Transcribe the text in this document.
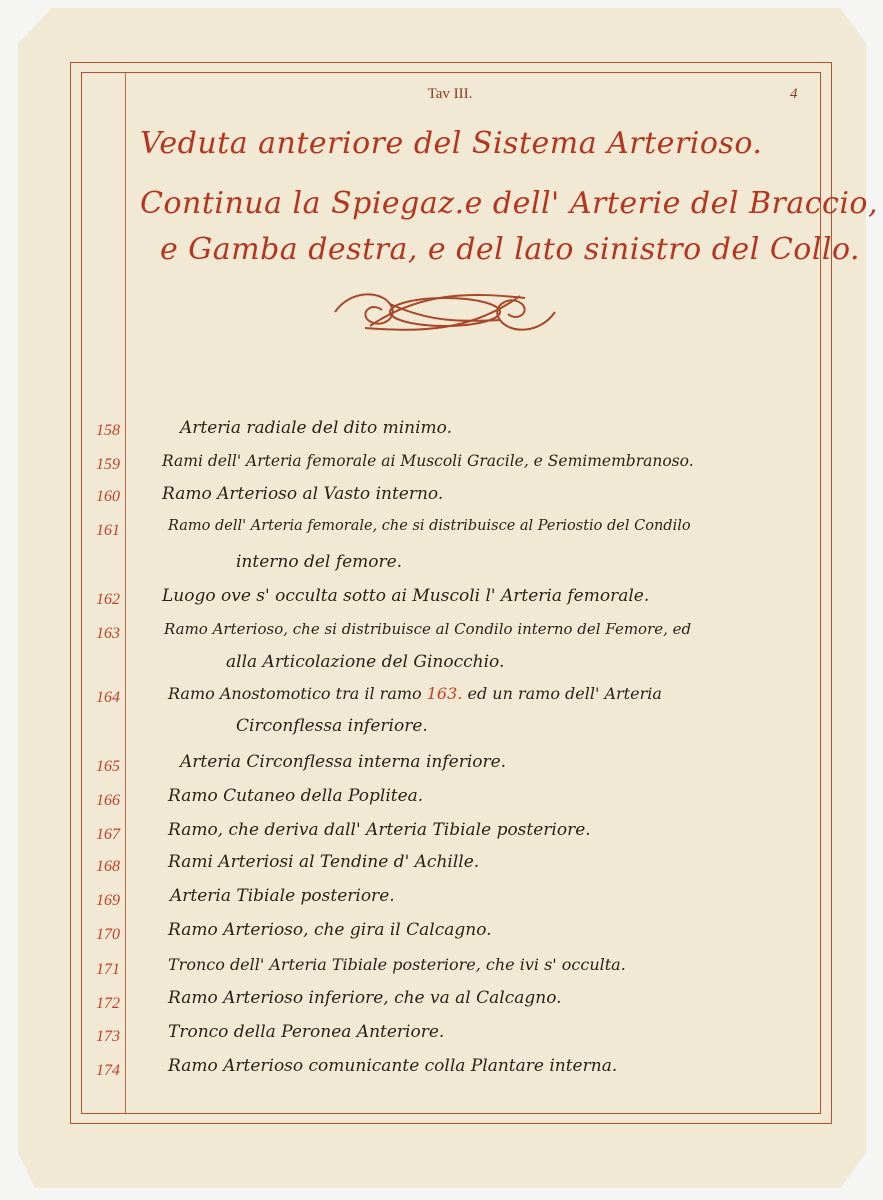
Tav III.	4
Veduta anteriore del Sistema Arterioso.
Continua la Spiegaz.e dell' Arterie del Braccio,
e Gamba destra, e del lato sinistro del Collo.
158	Arteria radiale del dito minimo.
159	Rami dell' Arteria femorale ai Muscoli Gracile, e Semimembranoso.
160	Ramo Arterioso al Vasto interno.
161	Ramo dell' Arteria femorale, che si distribuisce al Periostio del Condilo
interno del femore.
162	Luogo ove s' occulta sotto ai Muscoli l' Arteria femorale.
163	Ramo Arterioso, che si distribuisce al Condilo interno del Femore, ed
alla Articolazione del Ginocchio.
164	Ramo Anostomotico tra il ramo 163. ed un ramo dell' Arteria
Circonflessa inferiore.
165	Arteria Circonflessa interna inferiore.
166	Ramo Cutaneo della Poplitea.
167	Ramo, che deriva dall' Arteria Tibiale posteriore.
168	Rami Arteriosi al Tendine d' Achille.
169	Arteria Tibiale posteriore.
170	Ramo Arterioso, che gira il Calcagno.
171	Tronco dell' Arteria Tibiale posteriore, che ivi s' occulta.
172	Ramo Arterioso inferiore, che va al Calcagno.
173	Tronco della Peronea Anteriore.
174	Ramo Arterioso comunicante colla Plantare interna.
